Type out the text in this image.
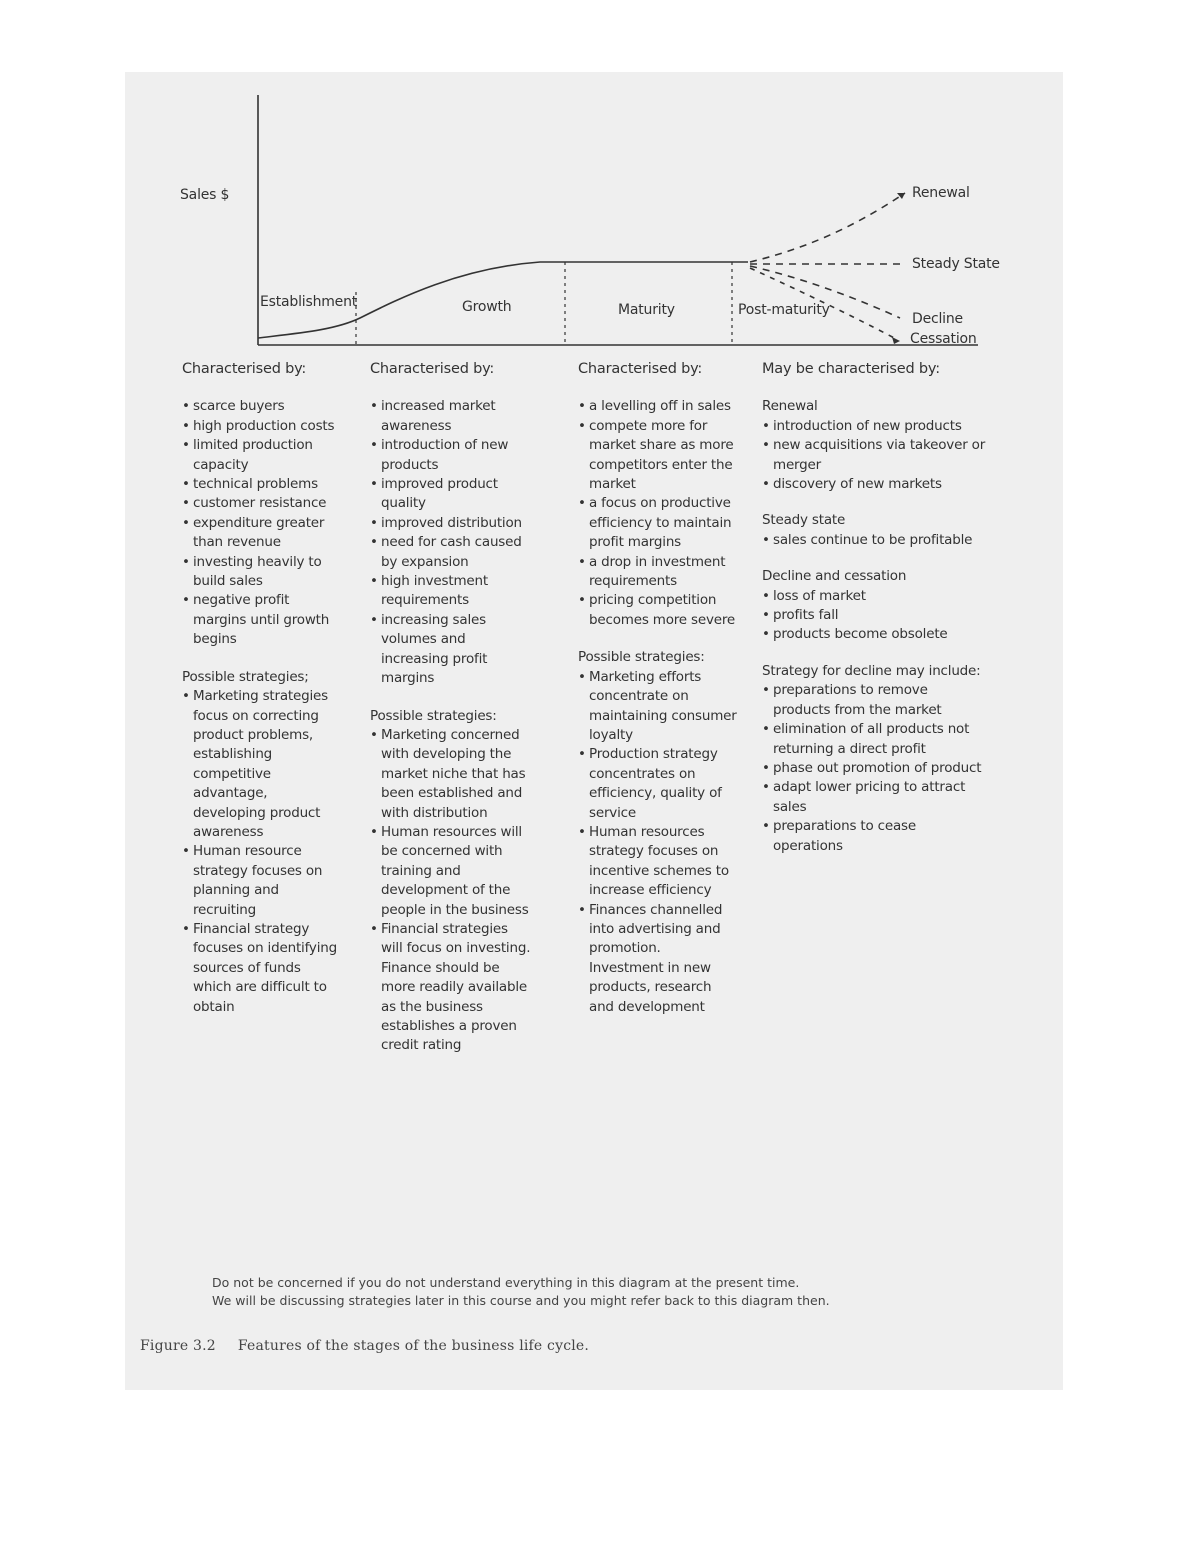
Sales $
Establishment	Growth	Maturity	Post-maturity
Renewal
Steady State
Decline
Cessation
Characterised by:
• scarce buyers
• high production costs
• limited production capacity
• technical problems
• customer resistance
• expenditure greater than revenue
• investing heavily to build sales
• negative profit margins until growth begins
Possible strategies;
• Marketing strategies focus on correcting product problems, establishing competitive advantage, developing product awareness
• Human resource strategy focuses on planning and recruiting
• Financial strategy focuses on identifying sources of funds which are difficult to obtain
Characterised by:
• increased market awareness
• introduction of new products
• improved product quality
• improved distribution
• need for cash caused by expansion
• high investment requirements
• increasing sales volumes and increasing profit margins
Possible strategies:
• Marketing concerned with developing the market niche that has been established and with distribution
• Human resources will be concerned with training and development of the people in the business
• Financial strategies will focus on investing. Finance should be more readily available as the business establishes a proven credit rating
Characterised by:
• a levelling off in sales
• compete more for market share as more competitors enter the market
• a focus on productive efficiency to maintain profit margins
• a drop in investment requirements
• pricing competition becomes more severe
Possible strategies:
• Marketing efforts concentrate on maintaining consumer loyalty
• Production strategy concentrates on efficiency, quality of service
• Human resources strategy focuses on incentive schemes to increase efficiency
• Finances channelled into advertising and promotion. Investment in new products, research and development
May be characterised by:
Renewal
• introduction of new products
• new acquisitions via takeover or merger
• discovery of new markets
Steady state
• sales continue to be profitable
Decline and cessation
• loss of market
• profits fall
• products become obsolete
Strategy for decline may include:
• preparations to remove products from the market
• elimination of all products not returning a direct profit
• phase out promotion of product
• adapt lower pricing to attract sales
• preparations to cease operations
Do not be concerned if you do not understand everything in this diagram at the present time.
We will be discussing strategies later in this course and you might refer back to this diagram then.
Figure 3.2 Features of the stages of the business life cycle.
